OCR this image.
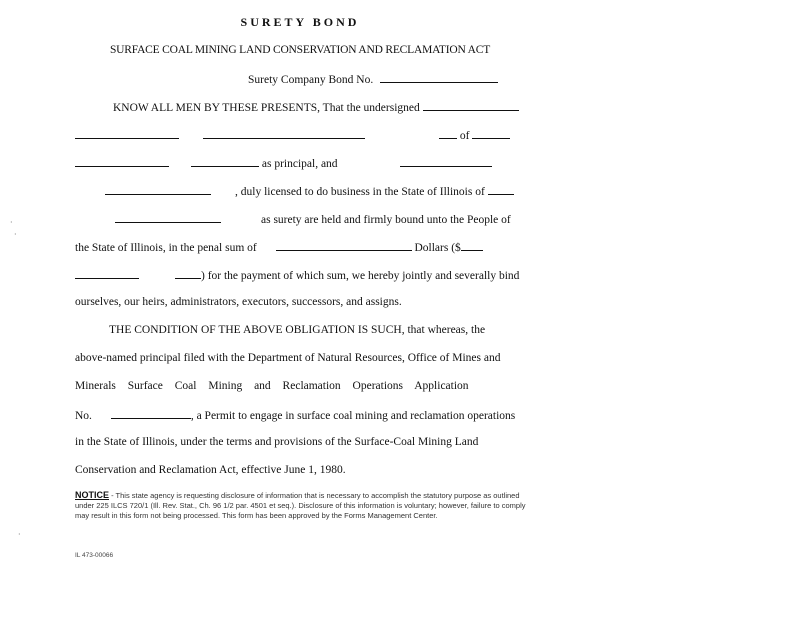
SURETY BOND
SURFACE COAL MINING LAND CONSERVATION AND RECLAMATION ACT
Surety Company Bond No.
KNOW ALL MEN BY THESE PRESENTS, That the undersigned
of
as principal, and
, duly licensed to do business in the State of Illinois of
as surety are held and firmly bound unto the People of
the State of Illinois, in the penal sum of	Dollars ($
) for the payment of which sum, we hereby jointly and severally bind
ourselves, our heirs, administrators, executors, successors, and assigns.
THE CONDITION OF THE ABOVE OBLIGATION IS SUCH, that whereas, the
above-named principal filed with the Department of Natural Resources, Office of Mines and
Minerals Surface Coal Mining and Reclamation Operations Application
No.	, a Permit to engage in surface coal mining and reclamation operations
in the State of Illinois, under the terms and provisions of the Surface-Coal Mining Land
Conservation and Reclamation Act, effective June 1, 1980.
NOTICE - This state agency is requesting disclosure of information that is necessary to accomplish the statutory purpose as outlined under 225 ILCS 720/1 (Ill. Rev. Stat., Ch. 96 1/2 par. 4501 et seq.). Disclosure of this information is voluntary; however, failure to comply may result in this form not being processed. This form has been approved by the Forms Management Center.
IL 473-00066
·
·
·
